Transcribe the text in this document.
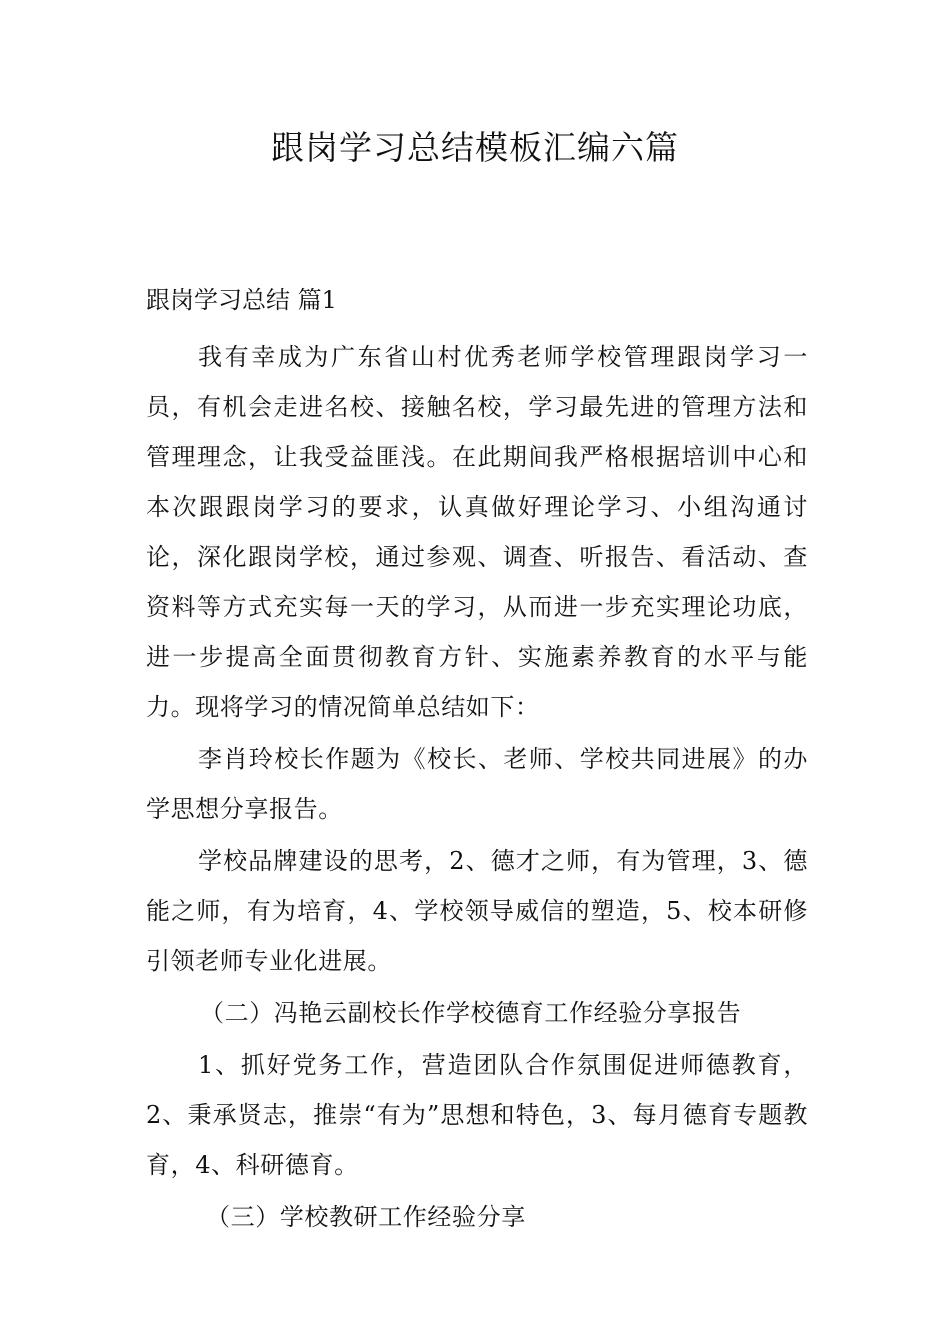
跟岗学习总结模板汇编六篇
跟岗学习总结 篇1

我有幸成为广东省山村优秀老师学校管理跟岗学习一员，有机会走进名校、接触名校，学习最先进的管理方法和管理理念，让我受益匪浅。在此期间我严格根据培训中心和本次跟跟岗学习的要求，认真做好理论学习、小组沟通讨论，深化跟岗学校，通过参观、调查、听报告、看活动、查资料等方式充实每一天的学习，从而进一步充实理论功底，进一步提高全面贯彻教育方针、实施素养教育的水平与能力。现将学习的情况简单总结如下：

李肖玲校长作题为《校长、老师、学校共同进展》的办学思想分享报告。

学校品牌建设的思考，2、德才之师，有为管理，3、德能之师，有为培育，4、学校领导威信的塑造，5、校本研修引领老师专业化进展。

（二）冯艳云副校长作学校德育工作经验分享报告

1、抓好党务工作，营造团队合作氛围促进师德教育，2、秉承贤志，推崇“有为”思想和特色，3、每月德育专题教育，4、科研德育。

（三）学校教研工作经验分享
